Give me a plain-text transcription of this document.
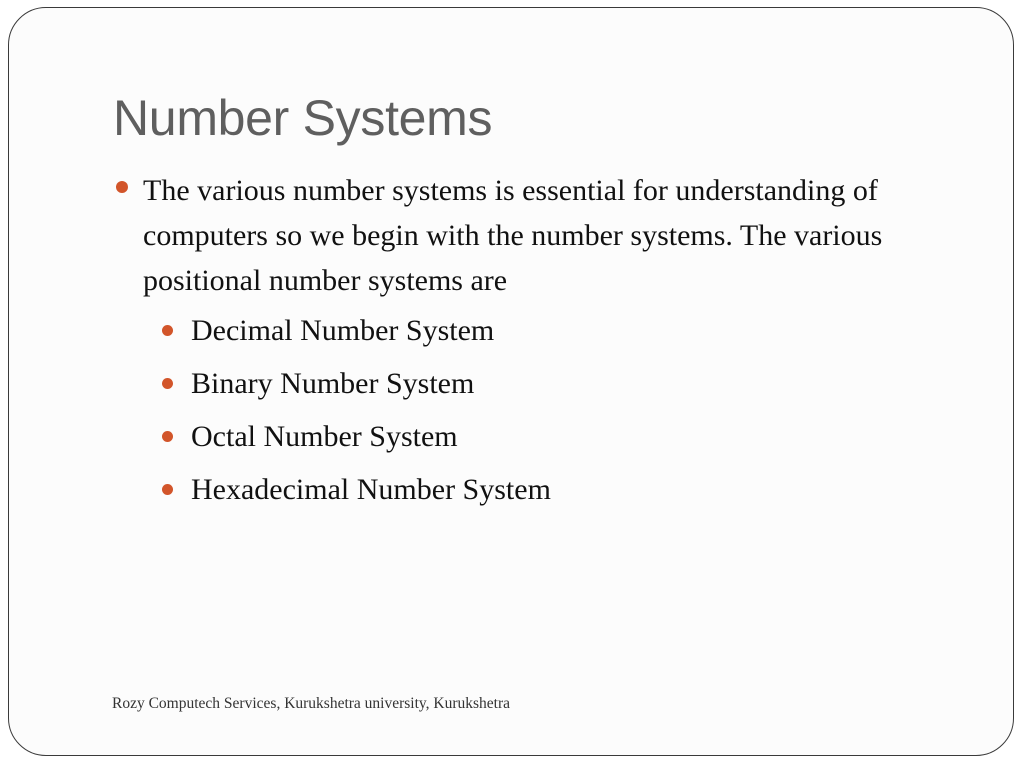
Number Systems

The various number systems is essential for understanding of computers so we begin with the number systems. The various positional number systems are

Decimal Number System
Binary Number System
Octal Number System
Hexadecimal Number System
Rozy Computech Services, Kurukshetra university, Kurukshetra
